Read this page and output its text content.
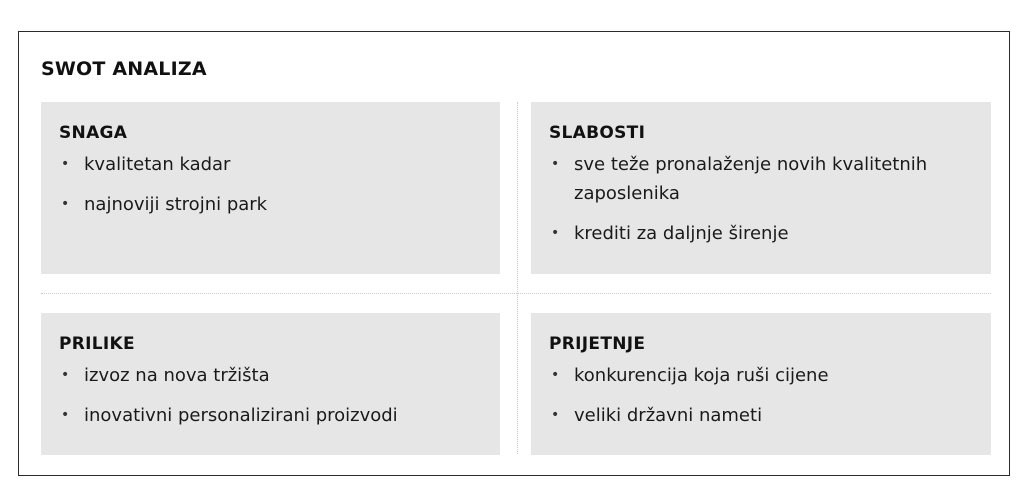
SWOT ANALIZA
SNAGA
• kvalitetan kadar
• najnoviji strojni park
SLABOSTI
• sve teže pronalaženje novih kvalitetnih zaposlenika
• krediti za daljnje širenje
PRILIKE
• izvoz na nova tržišta
• inovativni personalizirani proizvodi
PRIJETNJE
• konkurencija koja ruši cijene
• veliki državni nameti
